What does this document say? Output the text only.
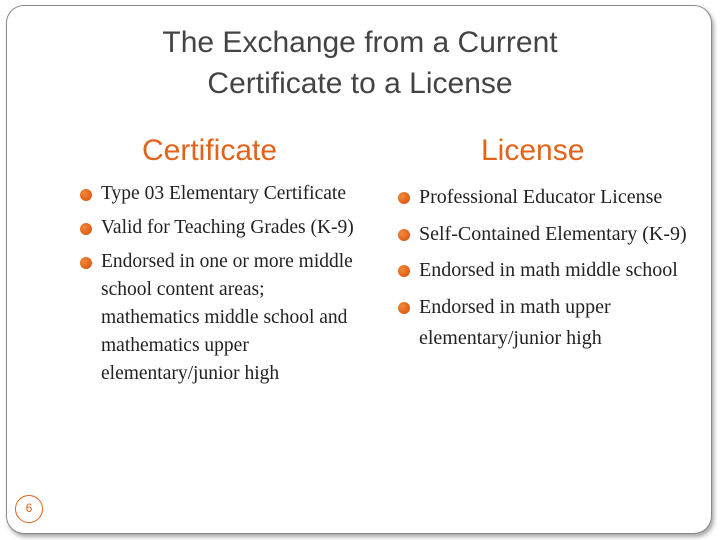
The Exchange from a Current
Certificate to a License
Certificate	License
Type 03 Elementary Certificate
Valid for Teaching Grades (K-9)
Endorsed in one or more middle school content areas; mathematics middle school and mathematics upper elementary/junior high
Professional Educator License
Self-Contained Elementary (K-9)
Endorsed in math middle school
Endorsed in math upper elementary/junior high
6
